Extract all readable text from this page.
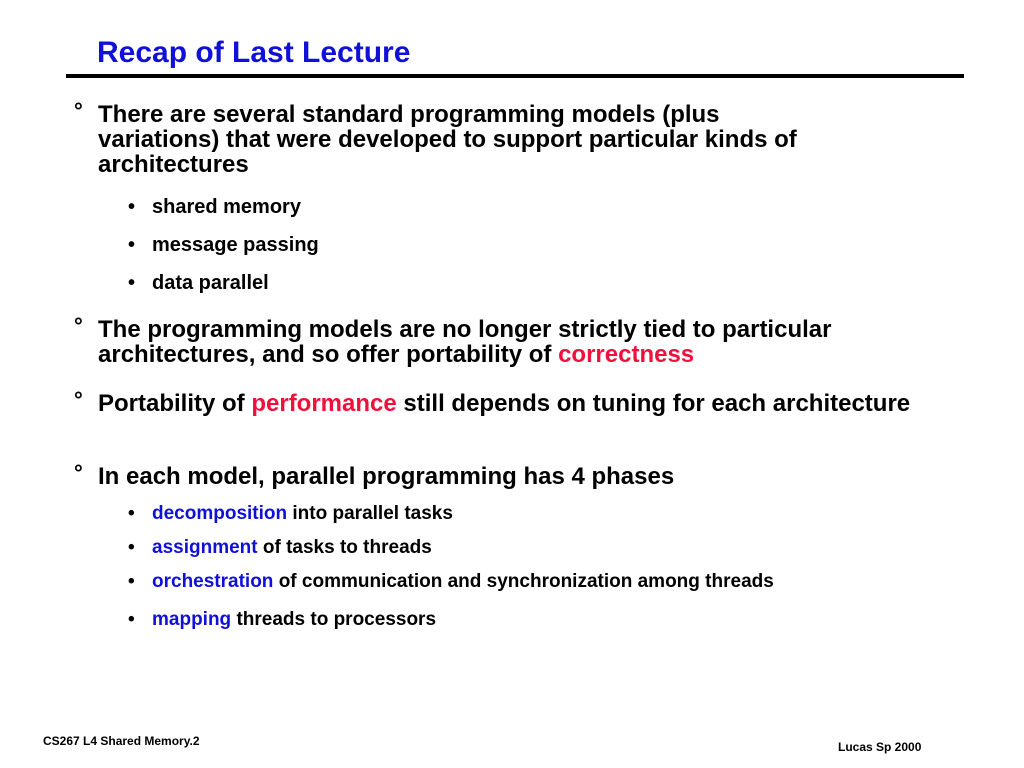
Recap of Last Lecture
° There are several standard programming models (plus
variations) that were developed to support particular kinds of
architectures
• shared memory
• message passing
• data parallel
° The programming models are no longer strictly tied to particular architectures, and so offer portability of correctness
° Portability of performance still depends on tuning for each architecture
° In each model, parallel programming has 4 phases
• decomposition into parallel tasks
• assignment of tasks to threads
• orchestration of communication and synchronization among threads
• mapping threads to processors
CS267 L4 Shared Memory.2	Lucas Sp 2000
